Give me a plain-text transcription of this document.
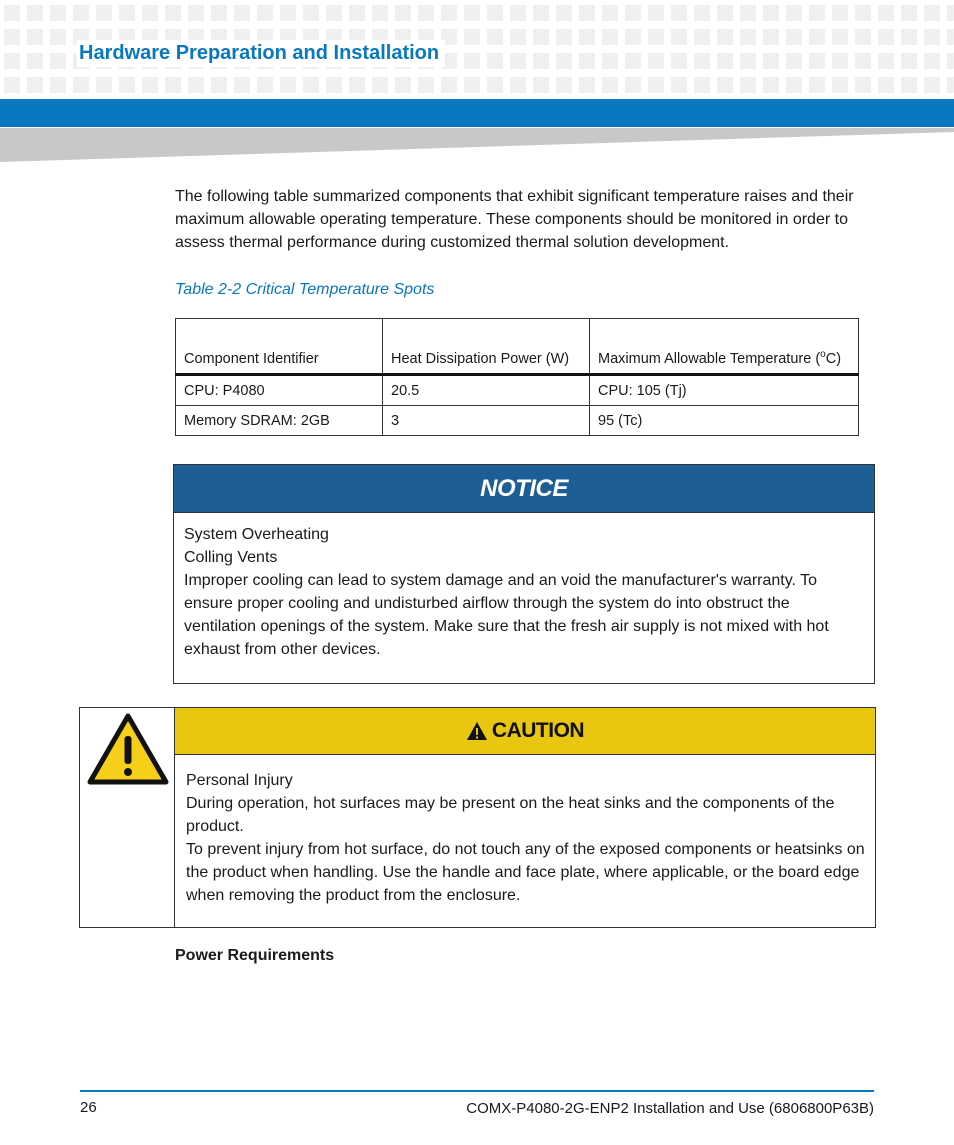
Hardware Preparation and Installation

The following table summarized components that exhibit significant temperature raises and their maximum allowable operating temperature. These components should be monitored in order to assess thermal performance during customized thermal solution development.

Table 2-2 Critical Temperature Spots
Component Identifier	Heat Dissipation Power (W)	Maximum Allowable Temperature ($^o$C)
CPU: P4080	20.5	CPU: 105 (Tj)
Memory SDRAM: 2GB	3	95 (Tc)
NOTICE
System Overheating
Colling Vents
Improper cooling can lead to system damage and an void the manufacturer's warranty. To ensure proper cooling and undisturbed airflow through the system do into obstruct the ventilation openings of the system. Make sure that the fresh air supply is not mixed with hot exhaust from other devices.
CAUTION
Personal Injury
During operation, hot surfaces may be present on the heat sinks and the components of the product.
To prevent injury from hot surface, do not touch any of the exposed components or heatsinks on the product when handling. Use the handle and face plate, where applicable, or the board edge when removing the product from the enclosure.
Power Requirements
26	COMX-P4080-2G-ENP2 Installation and Use (6806800P63B)
